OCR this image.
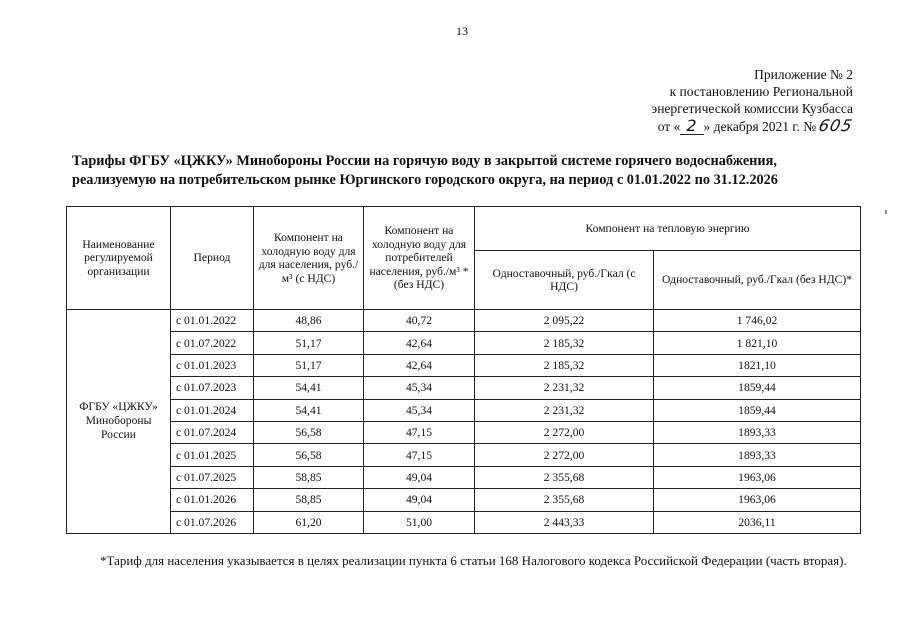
13
Приложение № 2
к постановлению Региональной
энергетической комиссии Кузбасса
от « 2 » декабря 2021 г. № 605
Тарифы ФГБУ «ЦЖКУ» Минобороны России на горячую воду в закрытой системе горячего водоснабжения, реализуемую на потребительском рынке Юргинского городского округа, на период с 01.01.2022 по 31.12.2026
Наименование регулируемой организации	Период	Компонент на холодную воду для для населения, руб./м³ (с НДС)	Компонент на холодную воду для потребителей населения, руб./м³ * (без НДС)	Компонент на тепловую энергию	
				Одноставочный, руб./Гкал (с НДС)	Одноставочный, руб./Гкал (без НДС)*
ФГБУ «ЦЖКУ» Минобороны России	с 01.01.2022	48,86	40,72	2 095,22	1 746,02
	с 01.07.2022	51,17	42,64	2 185,32	1 821,10
	с 01.01.2023	51,17	42,64	2 185,32	1821,10
	с 01.07.2023	54,41	45,34	2 231,32	1859,44
	с 01.01.2024	54,41	45,34	2 231,32	1859,44
	с 01.07.2024	56,58	47,15	2 272,00	1893,33
	с 01.01.2025	56,58	47,15	2 272,00	1893,33
	с 01.07.2025	58,85	49,04	2 355,68	1963,06
	с 01.01.2026	58,85	49,04	2 355,68	1963,06
	с 01.07.2026	61,20	51,00	2 443,33	2036,11
*Тариф для населения указывается в целях реализации пункта 6 статьи 168 Налогового кодекса Российской Федерации (часть вторая).
